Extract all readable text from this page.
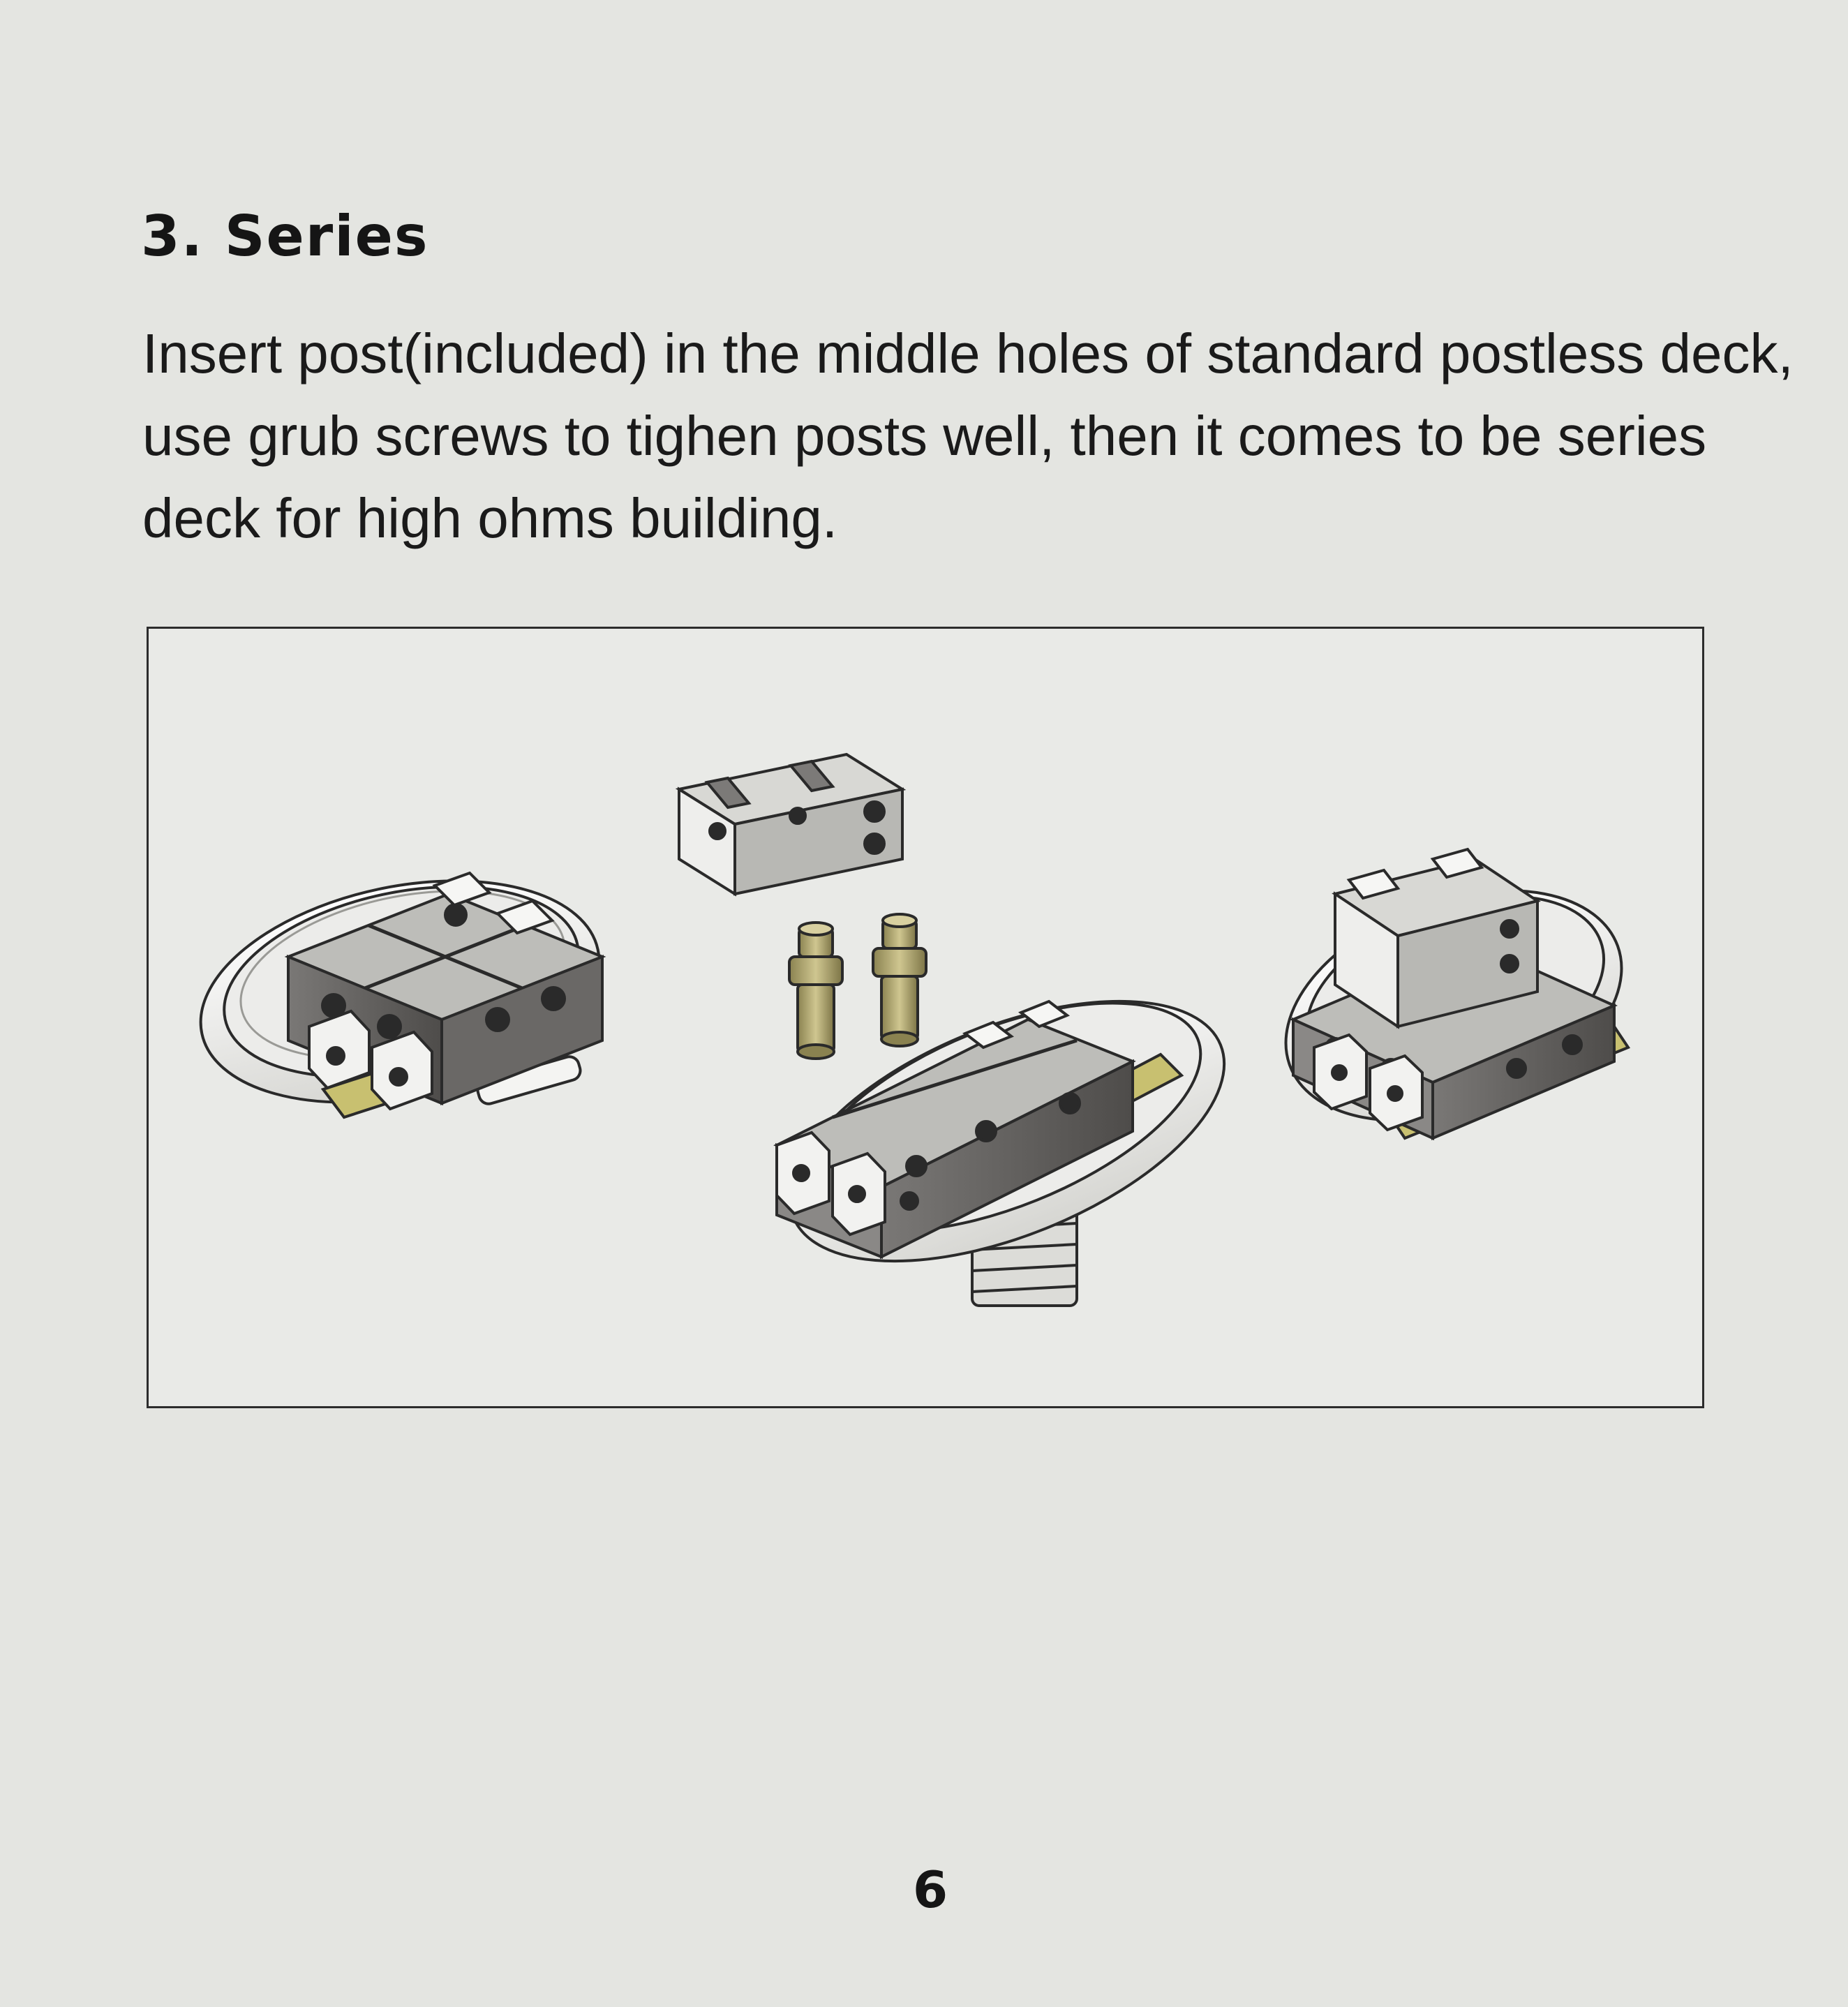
3. Series

Insert post(included) in the middle holes of standard postless deck, use grub screws to tighen posts well, then it comes to be series deck for high ohms building.

6
